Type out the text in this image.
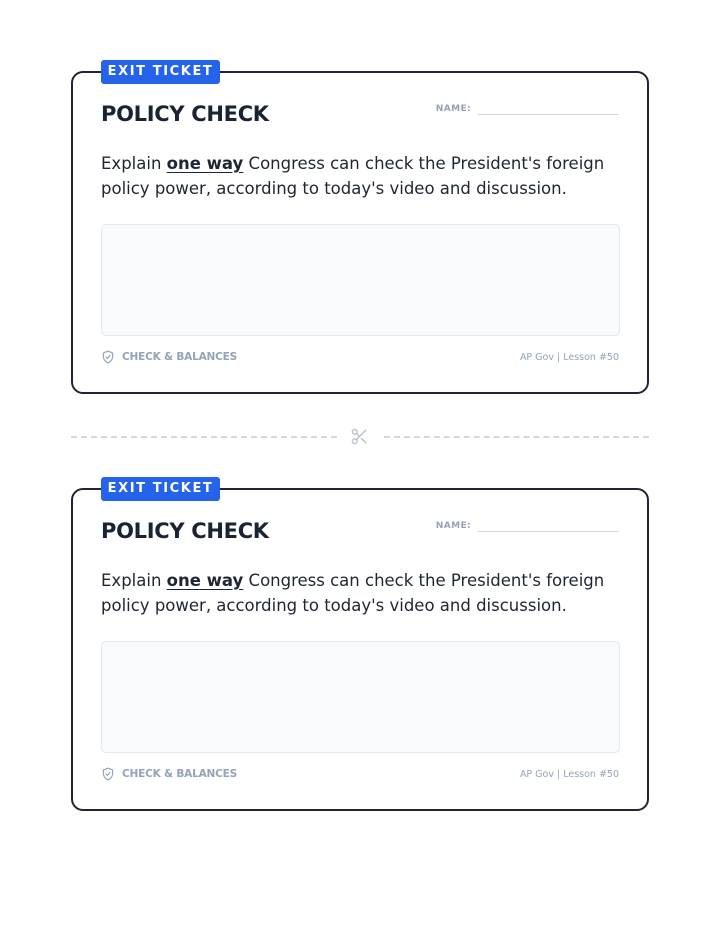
EXIT TICKET
POLICY CHECK	NAME:

Explain one way Congress can check the President's foreign policy power, according to today's video and discussion.

CHECK & BALANCES	AP Gov | Lesson #50
EXIT TICKET
POLICY CHECK	NAME:

Explain one way Congress can check the President's foreign policy power, according to today's video and discussion.

CHECK & BALANCES	AP Gov | Lesson #50
